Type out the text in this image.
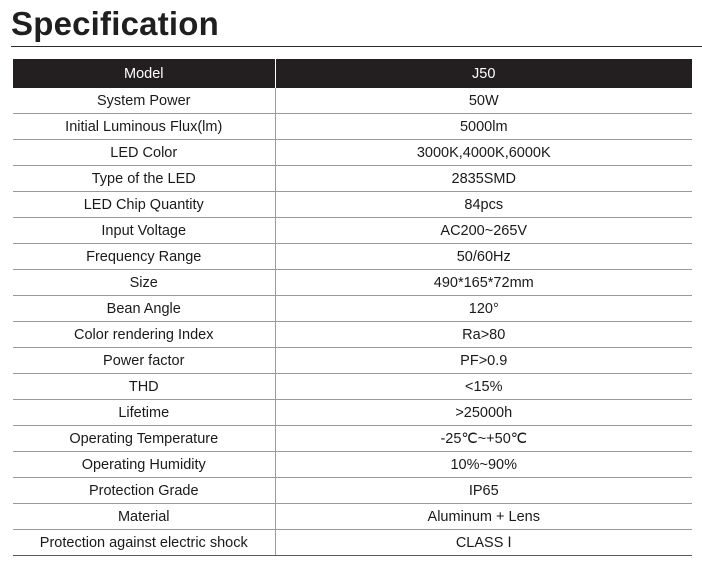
Specification
Model	J50
System Power	50W
Initial Luminous Flux(lm)	5000lm
LED Color	3000K,4000K,6000K
Type of the LED	2835SMD
LED Chip Quantity	84pcs
Input Voltage	AC200~265V
Frequency Range	50/60Hz
Size	490*165*72mm
Bean Angle	120°
Color rendering Index	Ra>80
Power factor	PF>0.9
THD	<15%
Lifetime	>25000h
Operating Temperature	-25℃~+50℃
Operating Humidity	10%~90%
Protection Grade	IP65
Material	Aluminum + Lens
Protection against electric shock	CLASS Ⅰ
